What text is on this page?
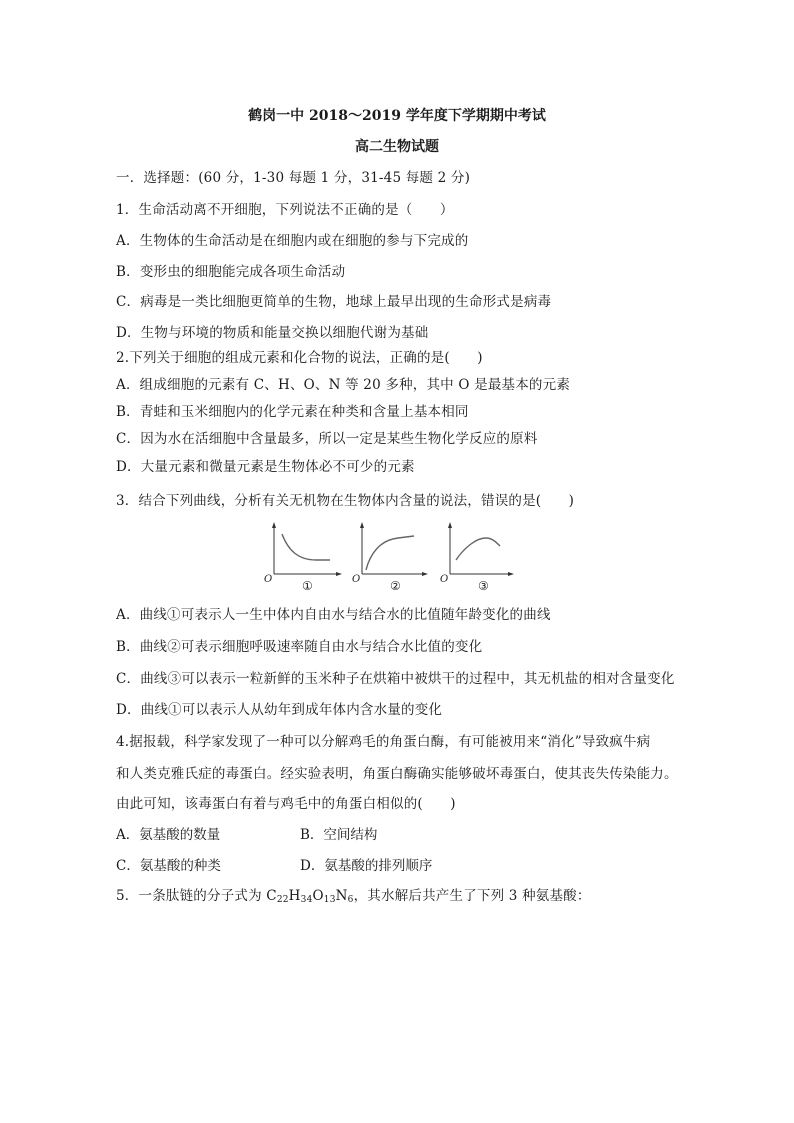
鹤岗一中 2018～2019 学年度下学期期中考试
高二生物试题
一．选择题：(60 分，1-30 每题 1 分，31-45 每题 2 分)
1．生命活动离不开细胞，下列说法不正确的是（　　）
A．生物体的生命活动是在细胞内或在细胞的参与下完成的
B．变形虫的细胞能完成各项生命活动
C．病毒是一类比细胞更简单的生物，地球上最早出现的生命形式是病毒
D．生物与环境的物质和能量交换以细胞代谢为基础
2.下列关于细胞的组成元素和化合物的说法，正确的是(　　)
A．组成细胞的元素有 C、H、O、N 等 20 多种，其中 O 是最基本的元素
B．青蛙和玉米细胞内的化学元素在种类和含量上基本相同
C．因为水在活细胞中含量最多，所以一定是某些生物化学反应的原料
D．大量元素和微量元素是生物体必不可少的元素
3．结合下列曲线，分析有关无机物在生物体内含量的说法，错误的是(　　)
O	O	O
①	②	③
A．曲线①可表示人一生中体内自由水与结合水的比值随年龄变化的曲线
B．曲线②可表示细胞呼吸速率随自由水与结合水比值的变化
C．曲线③可以表示一粒新鲜的玉米种子在烘箱中被烘干的过程中，其无机盐的相对含量变化
D．曲线①可以表示人从幼年到成年体内含水量的变化
4.据报载，科学家发现了一种可以分解鸡毛的角蛋白酶，有可能被用来“消化”导致疯牛病
和人类克雅氏症的毒蛋白。经实验表明，角蛋白酶确实能够破坏毒蛋白，使其丧失传染能力。
由此可知，该毒蛋白有着与鸡毛中的角蛋白相似的(　　)
A．氨基酸的数量	B．空间结构
C．氨基酸的种类	D．氨基酸的排列顺序
5．一条肽链的分子式为 $C_{22}H_{34}O_{13}N_6$，其水解后共产生了下列 3 种氨基酸：
